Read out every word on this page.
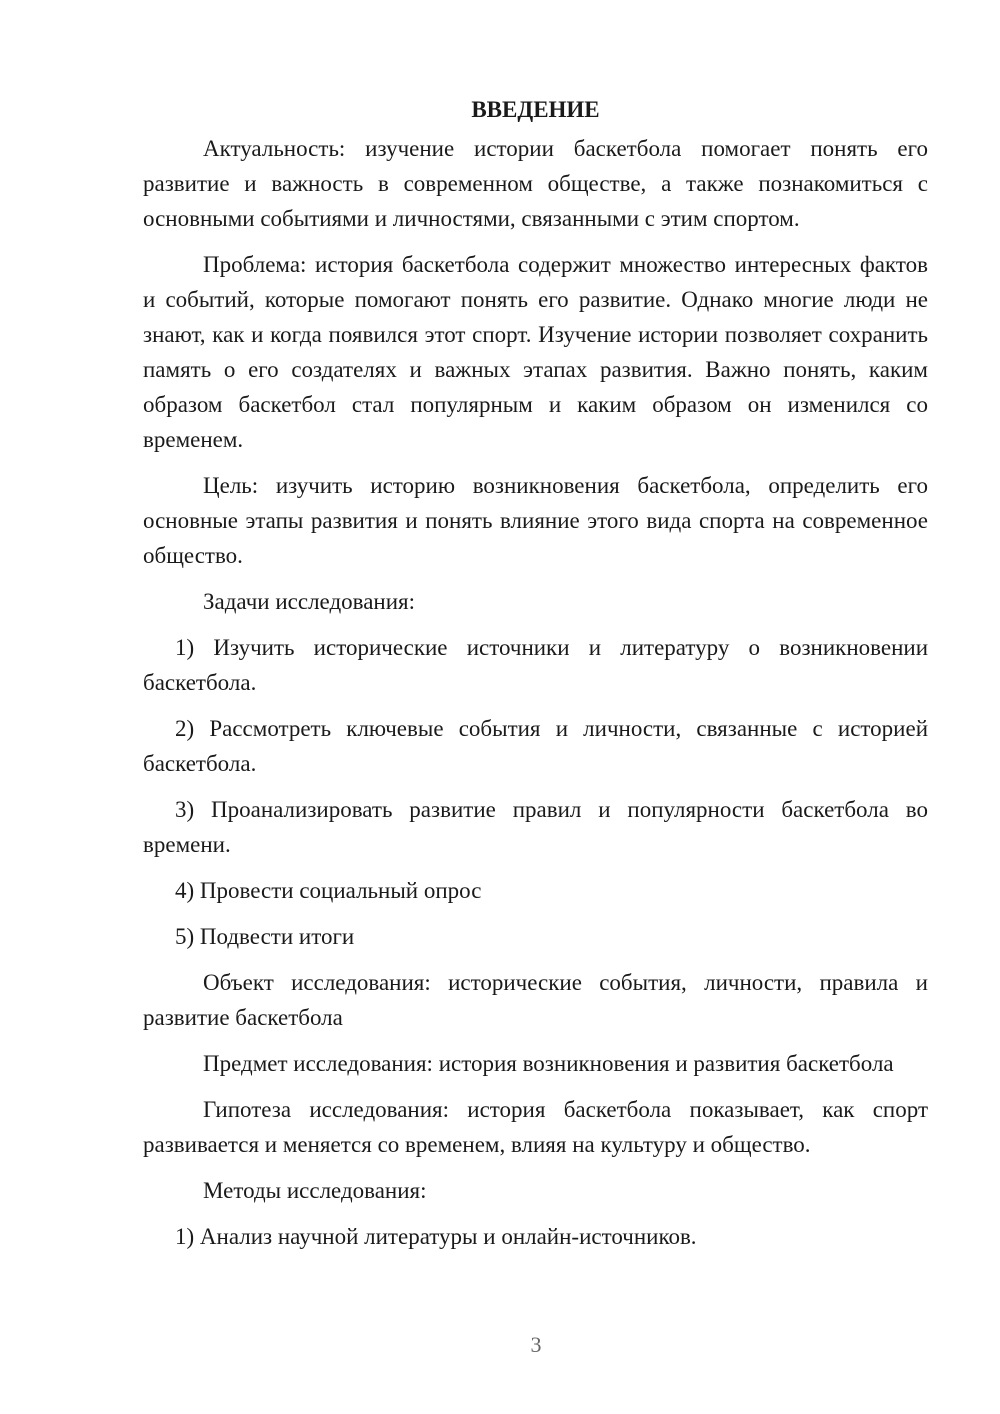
ВВЕДЕНИЕ
Актуальность: изучение истории баскетбола помогает понять его развитие и важность в современном обществе, а также познакомиться с основными событиями и личностями, связанными с этим спортом.
Проблема: история баскетбола содержит множество интересных фактов и событий, которые помогают понять его развитие. Однако многие люди не знают, как и когда появился этот спорт. Изучение истории позволяет сохранить память о его создателях и важных этапах развития. Важно понять, каким образом баскетбол стал популярным и каким образом он изменился со временем.
Цель: изучить историю возникновения баскетбола, определить его основные этапы развития и понять влияние этого вида спорта на современное общество.
Задачи исследования:
1) Изучить исторические источники и литературу о возникновении баскетбола.
2) Рассмотреть ключевые события и личности, связанные с историей баскетбола.
3) Проанализировать развитие правил и популярности баскетбола во времени.
4) Провести социальный опрос
5) Подвести итоги
Объект исследования: исторические события, личности, правила и развитие баскетбола
Предмет исследования: история возникновения и развития баскетбола
Гипотеза исследования: история баскетбола показывает, как спорт развивается и меняется со временем, влияя на культуру и общество.
Методы исследования:
1) Анализ научной литературы и онлайн-источников.
3
